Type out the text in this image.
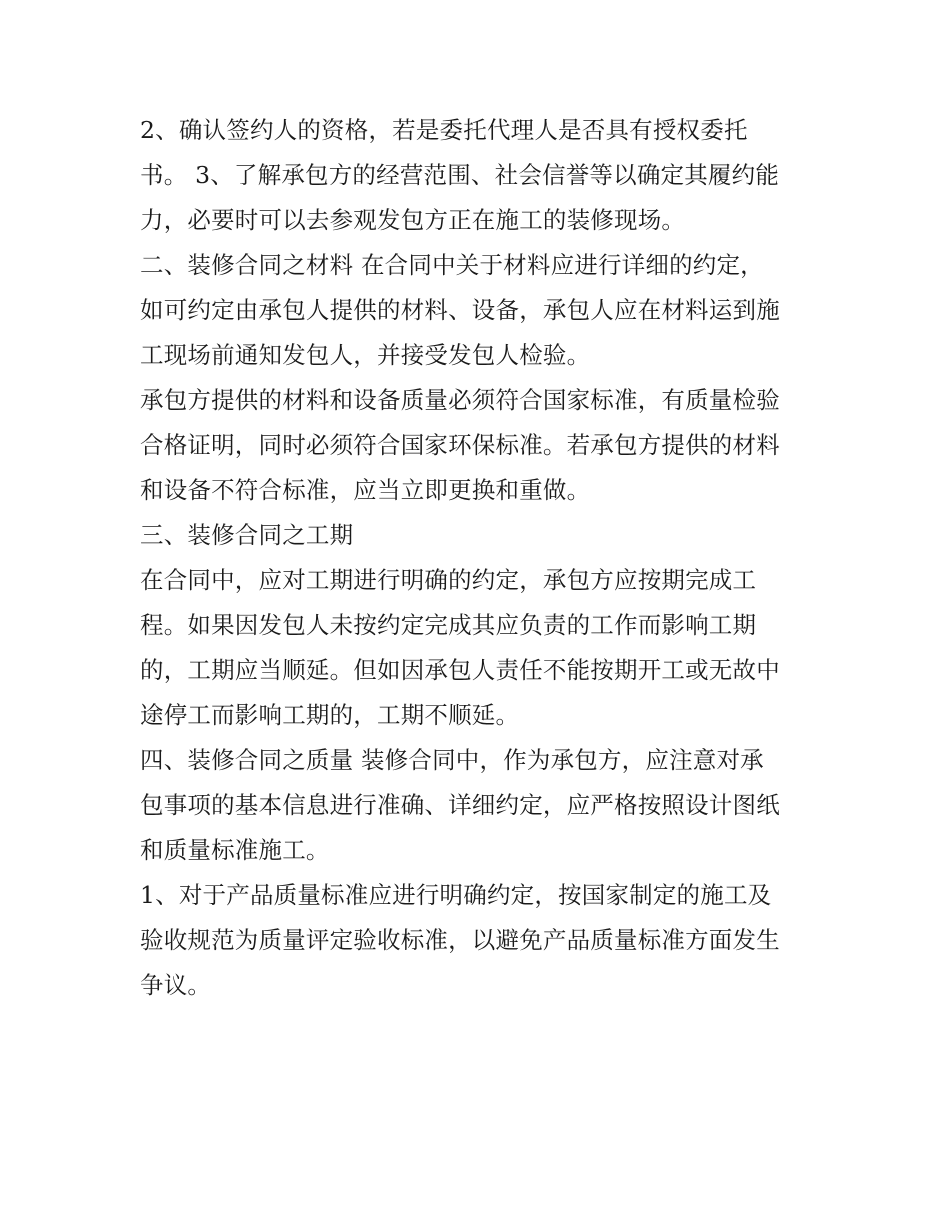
2、确认签约人的资格，若是委托代理人是否具有授权委托
书。 3、了解承包方的经营范围、社会信誉等以确定其履约能
力，必要时可以去参观发包方正在施工的装修现场。

二、装修合同之材料 在合同中关于材料应进行详细的约定，
如可约定由承包人提供的材料、设备，承包人应在材料运到施
工现场前通知发包人，并接受发包人检验。

承包方提供的材料和设备质量必须符合国家标准，有质量检验
合格证明，同时必须符合国家环保标准。若承包方提供的材料
和设备不符合标准，应当立即更换和重做。

三、装修合同之工期

在合同中，应对工期进行明确的约定，承包方应按期完成工
程。如果因发包人未按约定完成其应负责的工作而影响工期
的，工期应当顺延。但如因承包人责任不能按期开工或无故中
途停工而影响工期的，工期不顺延。

四、装修合同之质量 装修合同中，作为承包方，应注意对承
包事项的基本信息进行准确、详细约定，应严格按照设计图纸
和质量标准施工。

1、对于产品质量标准应进行明确约定，按国家制定的施工及
验收规范为质量评定验收标准，以避免产品质量标准方面发生
争议。
